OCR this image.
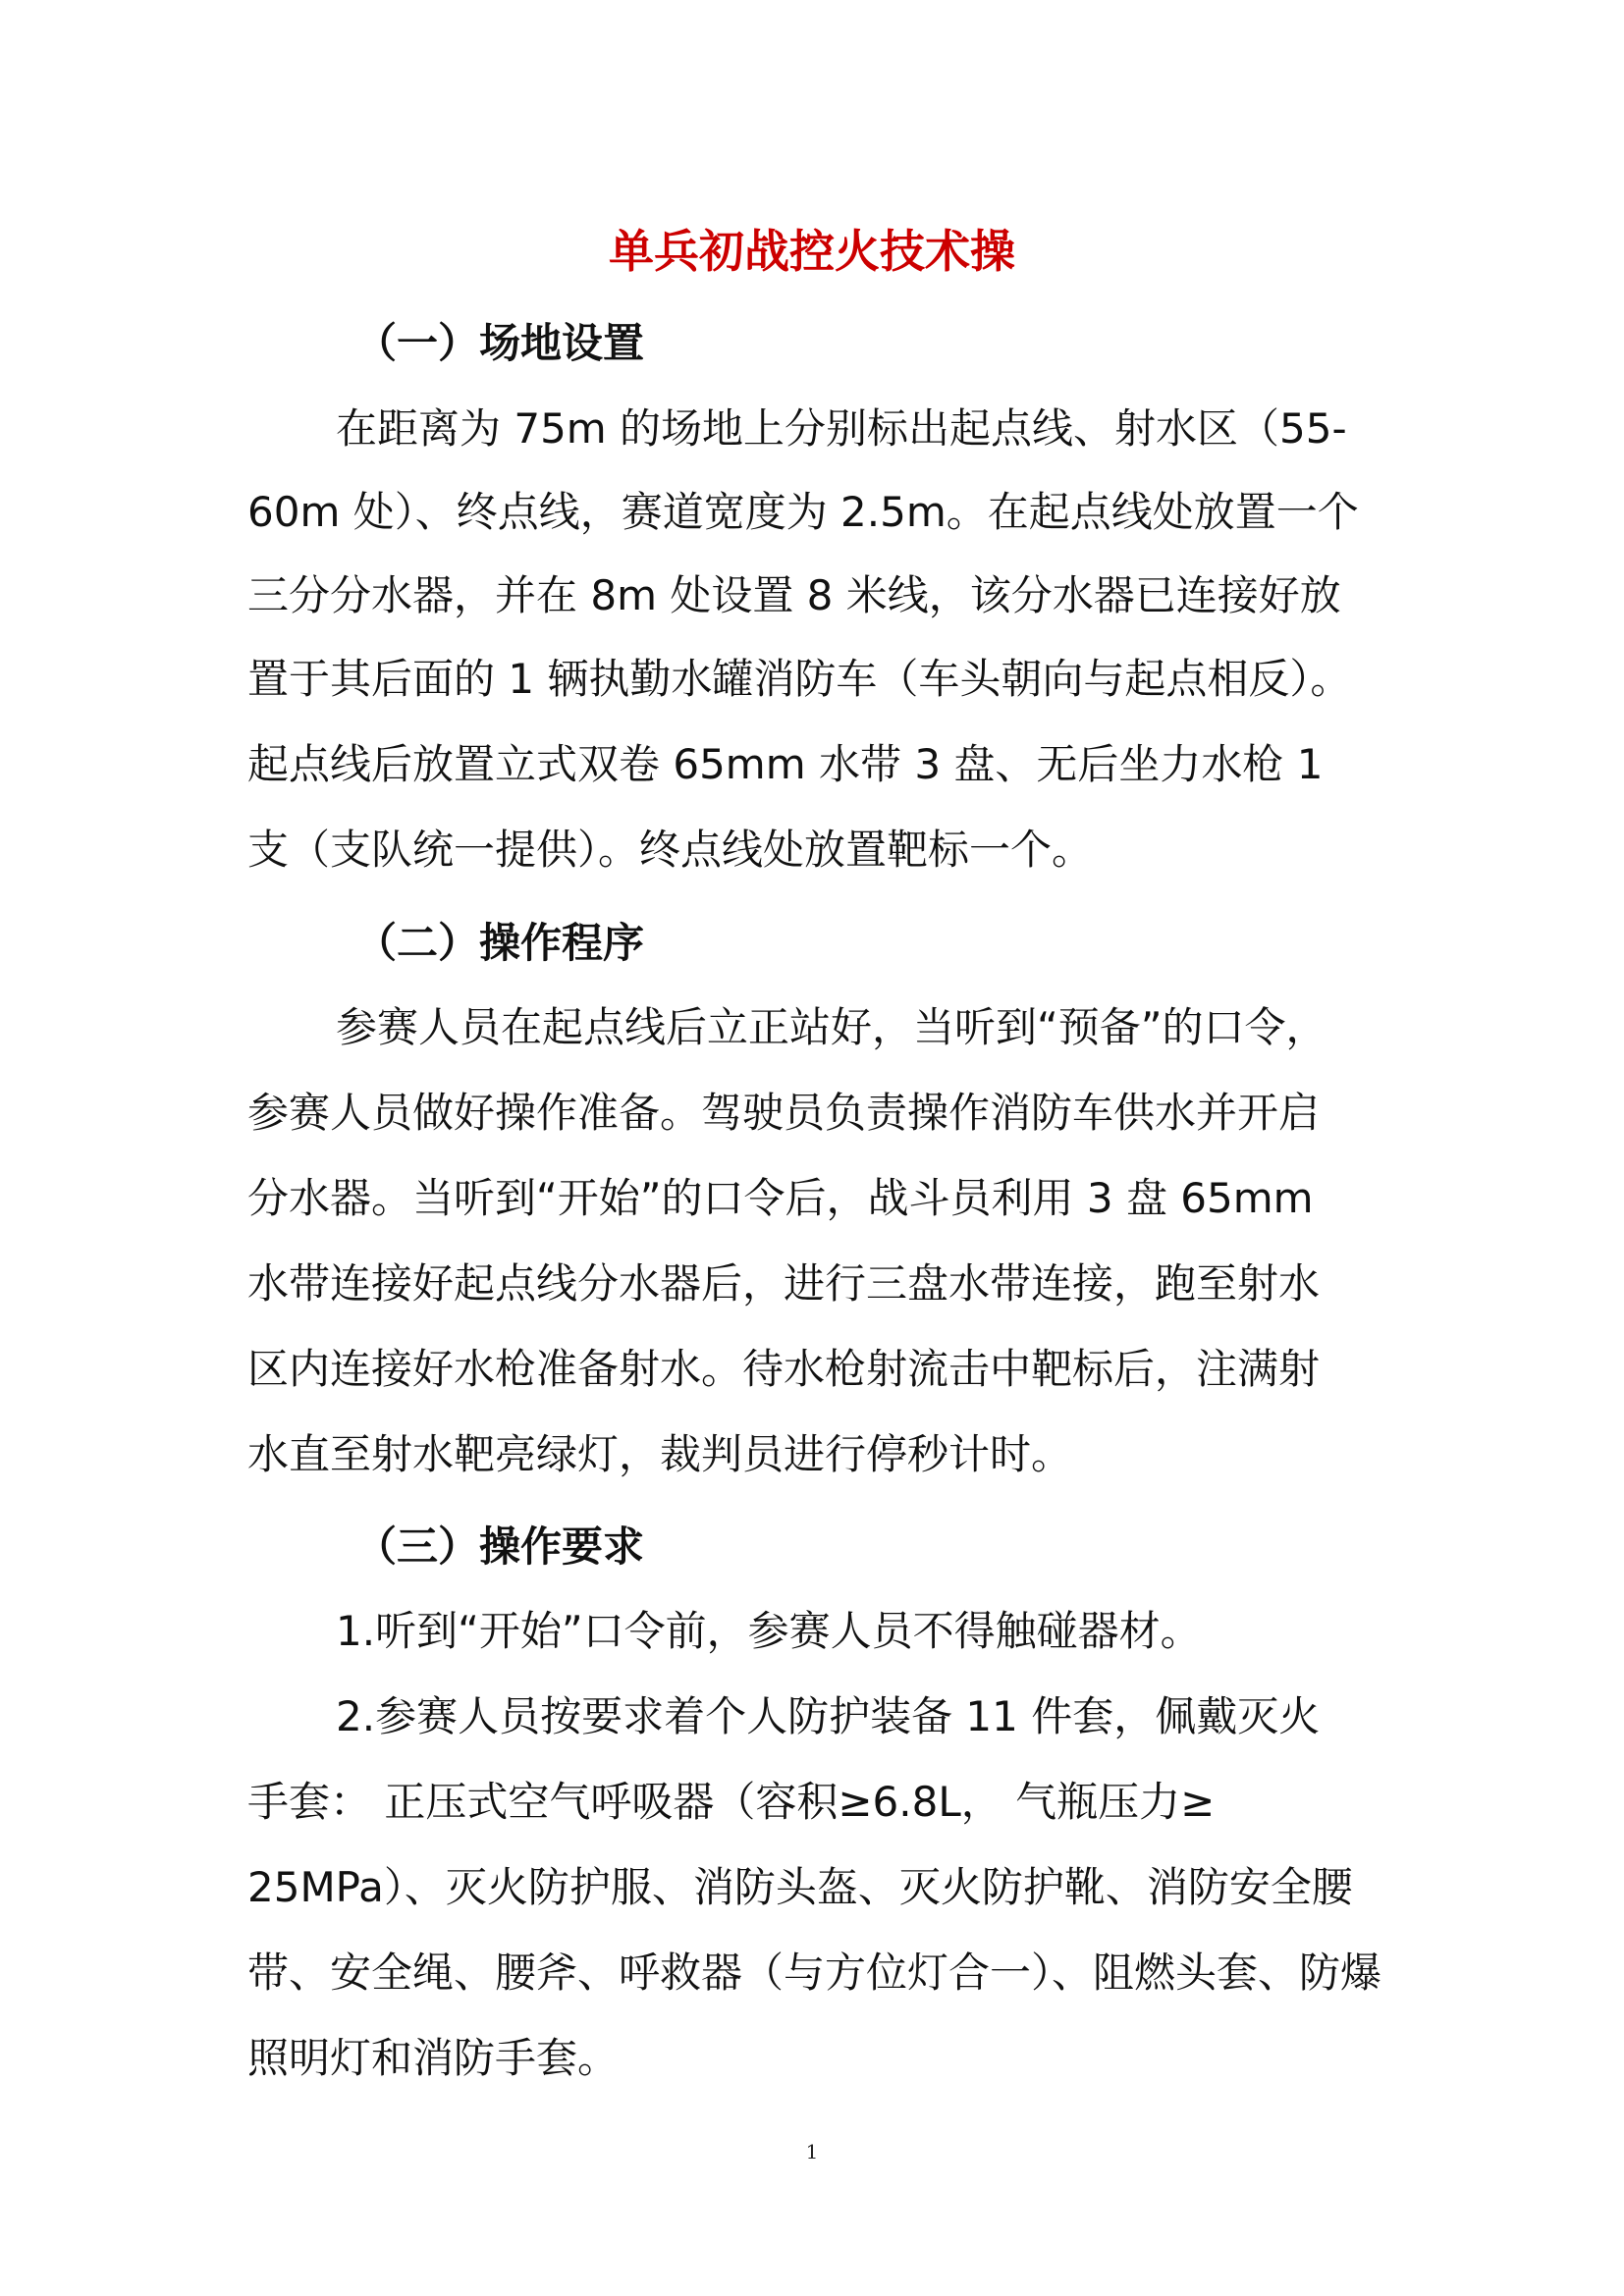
单兵初战控火技术操
（一）场地设置
在距离为 75m 的场地上分别标出起点线、射水区（55-
60m 处）、终点线，赛道宽度为 2.5m。在起点线处放置一个
三分分水器，并在 8m 处设置 8 米线，该分水器已连接好放
置于其后面的 1 辆执勤水罐消防车（车头朝向与起点相反）。
起点线后放置立式双卷 65mm 水带 3 盘、无后坐力水枪 1
支（支队统一提供）。终点线处放置靶标一个。
（二）操作程序
参赛人员在起点线后立正站好，当听到“预备”的口令，
参赛人员做好操作准备。驾驶员负责操作消防车供水并开启
分水器。当听到“开始”的口令后，战斗员利用 3 盘 65mm
水带连接好起点线分水器后，进行三盘水带连接，跑至射水
区内连接好水枪准备射水。待水枪射流击中靶标后，注满射
水直至射水靶亮绿灯，裁判员进行停秒计时。
（三）操作要求
1.听到“开始”口令前，参赛人员不得触碰器材。
2.参赛人员按要求着个人防护装备 11 件套，佩戴灭火
手套： 正压式空气呼吸器（容积≥6.8L， 气瓶压力≥
25MPa）、灭火防护服、消防头盔、灭火防护靴、消防安全腰
带、安全绳、腰斧、呼救器（与方位灯合一）、阻燃头套、防爆
照明灯和消防手套。
1
